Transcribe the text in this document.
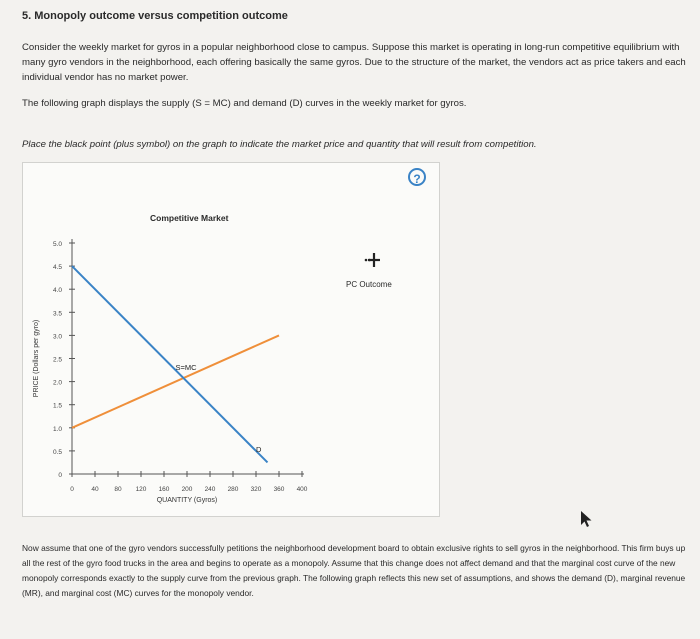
5. Monopoly outcome versus competition outcome
Consider the weekly market for gyros in a popular neighborhood close to campus. Suppose this market is operating in long-run competitive equilibrium with many gyro vendors in the neighborhood, each offering basically the same gyros. Due to the structure of the market, the vendors act as price takers and each individual vendor has no market power.
The following graph displays the supply (S = MC) and demand (D) curves in the weekly market for gyros.
Place the black point (plus symbol) on the graph to indicate the market price and quantity that will result from competition.
?
Competitive Market
0
0.5
1.0
1.5
2.0
2.5
3.0
3.5
4.0
4.5
5.0
0	40 80 120 160 200 240 280 320 360 400
QUANTITY (Gyros)
PRICE (Dollars per gyro)	S=MC
D
PC Outcome
Now assume that one of the gyro vendors successfully petitions the neighborhood development board to obtain exclusive rights to sell gyros in the neighborhood. This firm buys up all the rest of the gyro food trucks in the area and begins to operate as a monopoly. Assume that this change does not affect demand and that the marginal cost curve of the new monopoly corresponds exactly to the supply curve from the previous graph. The following graph reflects this new set of assumptions, and shows the demand (D), marginal revenue (MR), and marginal cost (MC) curves for the monopoly vendor.
